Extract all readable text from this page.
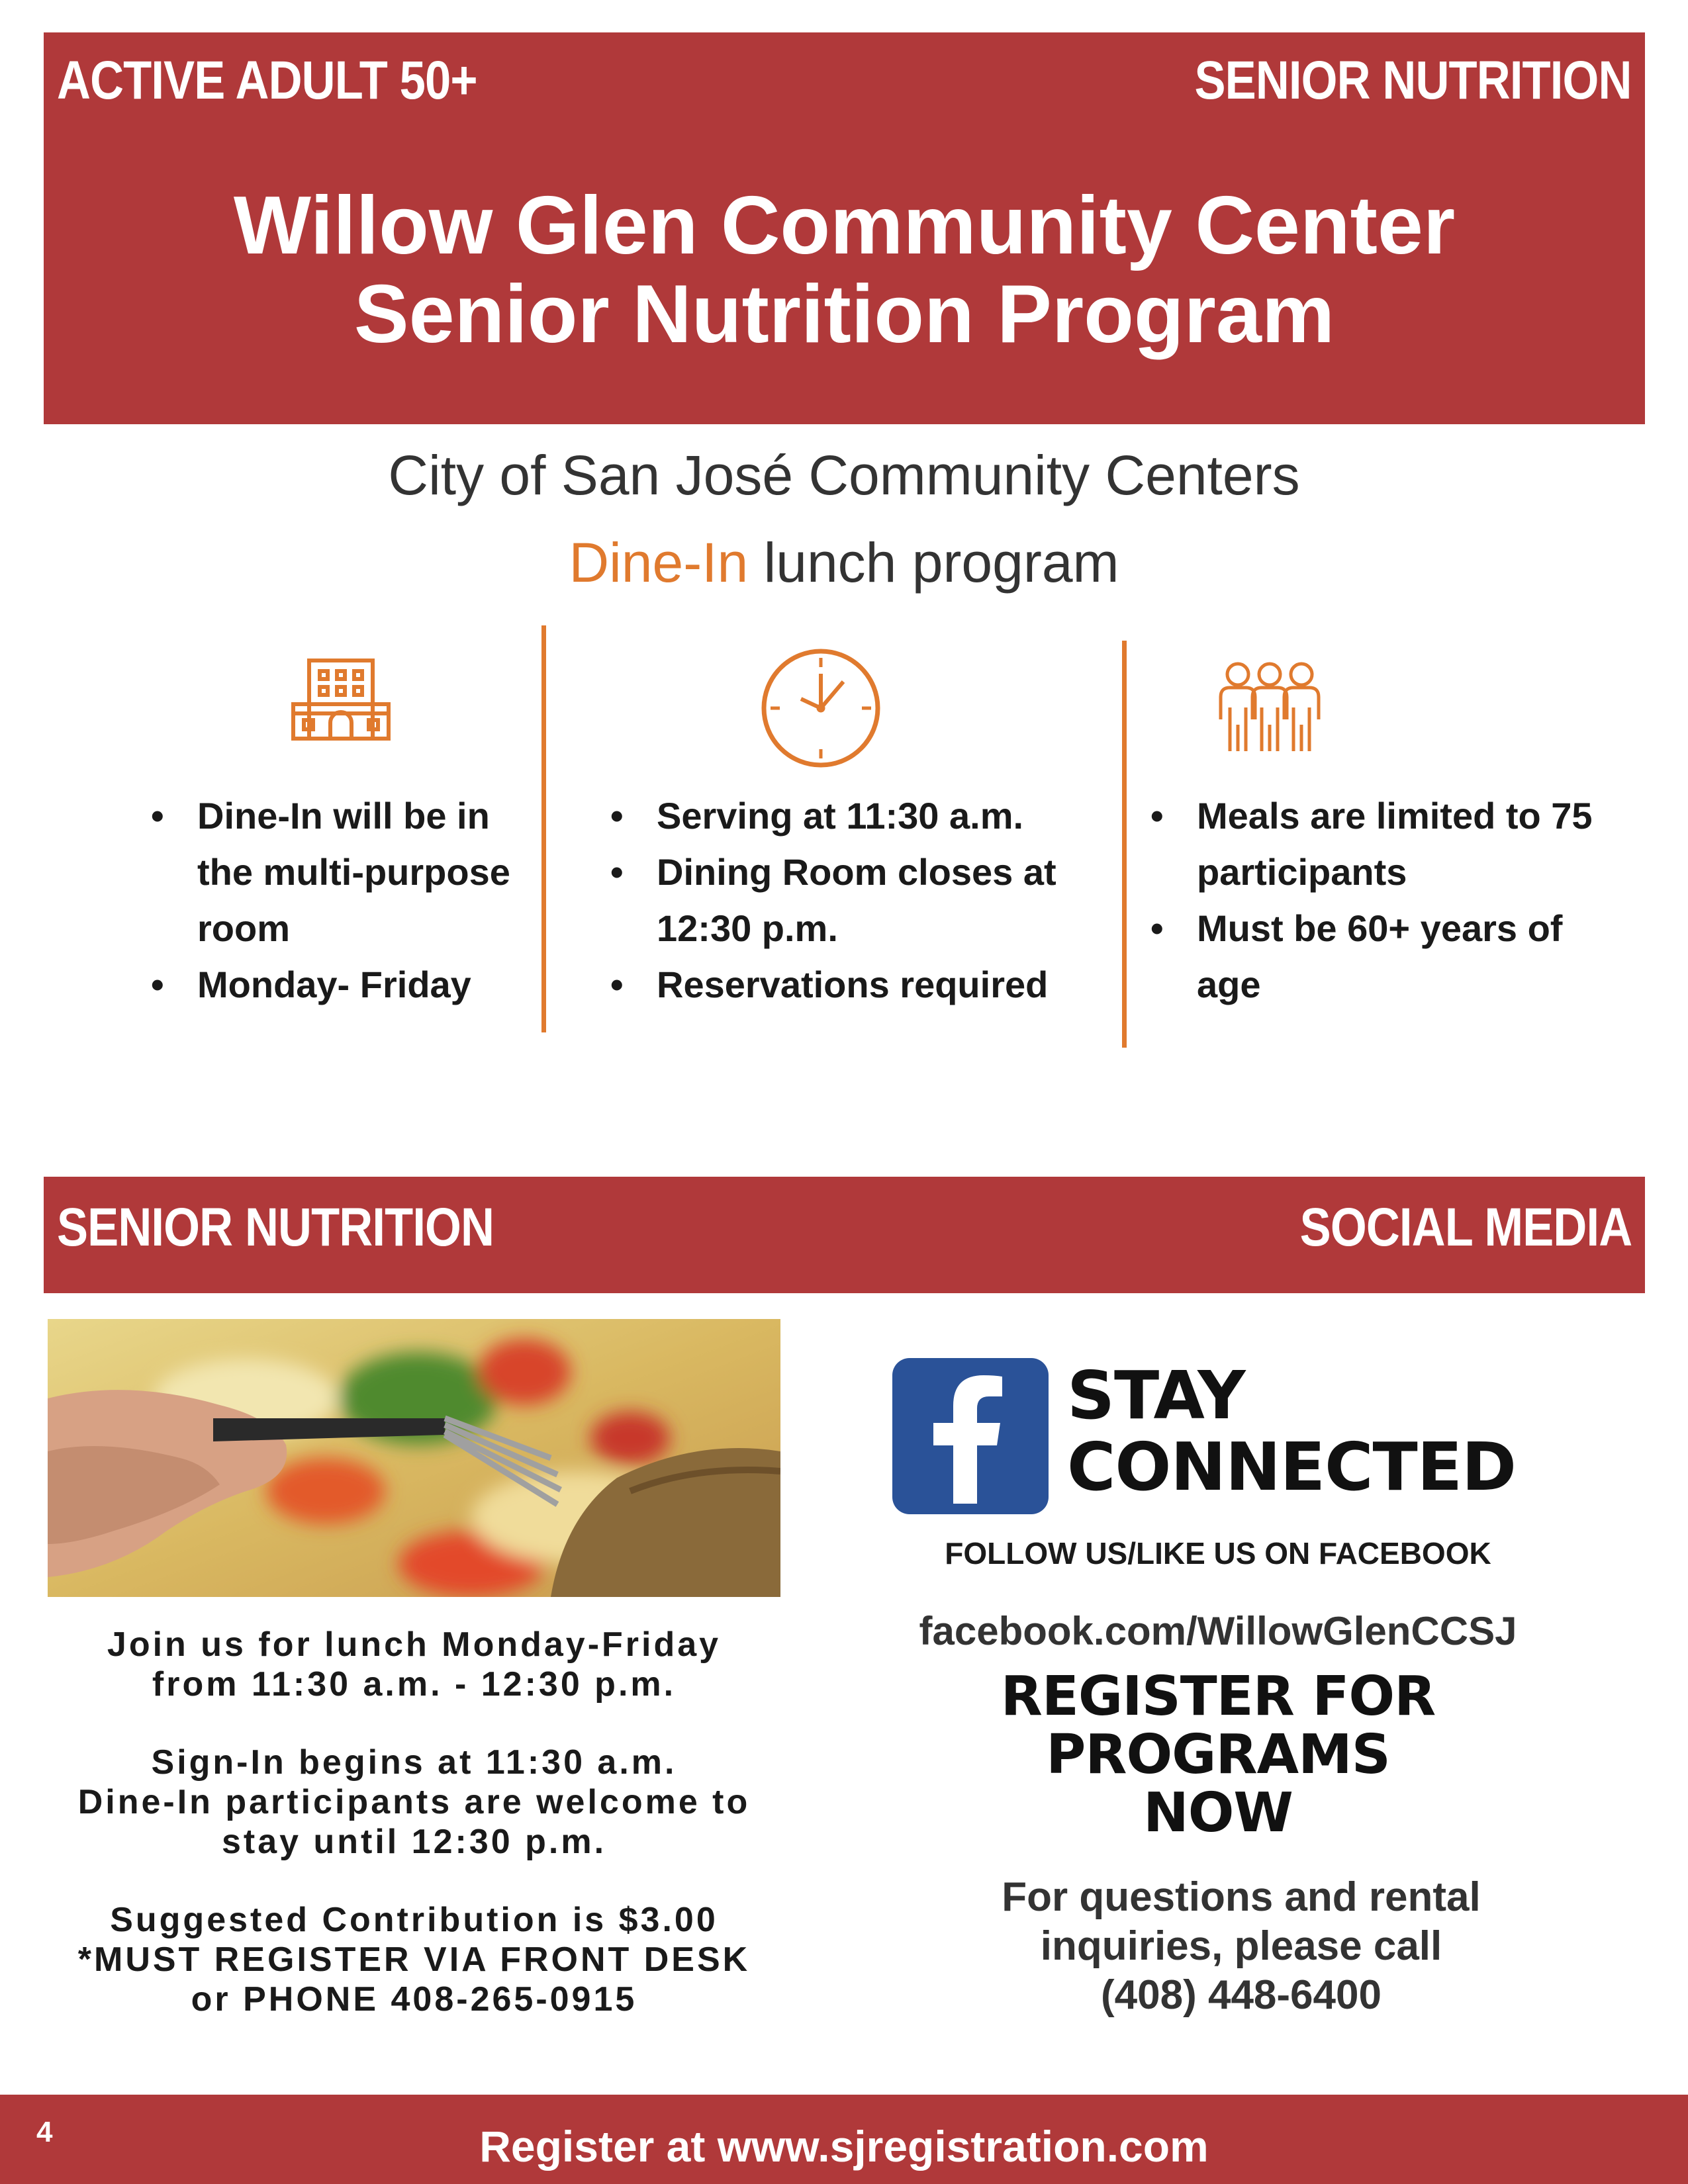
ACTIVE ADULT 50+	SENIOR NUTRITION
Willow Glen Community Center
Senior Nutrition Program
City of San José Community Centers
Dine-In lunch program
• Dine-In will be in the multi-purpose room
• Monday- Friday
• Serving at 11:30 a.m.
• Dining Room closes at 12:30 p.m.
• Reservations required
• Meals are limited to 75 participants
• Must be 60+ years of age
SENIOR NUTRITION	SOCIAL MEDIA

Join us for lunch Monday-Friday
from 11:30 a.m. - 12:30 p.m.

Sign-In begins at 11:30 a.m.
Dine-In participants are welcome to
stay until 12:30 p.m.

Suggested Contribution is $3.00
*MUST REGISTER VIA FRONT DESK
or PHONE 408-265-0915

STAY
CONNECTED
FOLLOW US/LIKE US ON FACEBOOK
facebook.com/WillowGlenCCSJ
REGISTER FOR
PROGRAMS
NOW
For questions and rental
inquiries, please call
(408) 448-6400
4	Register at www.sjregistration.com
